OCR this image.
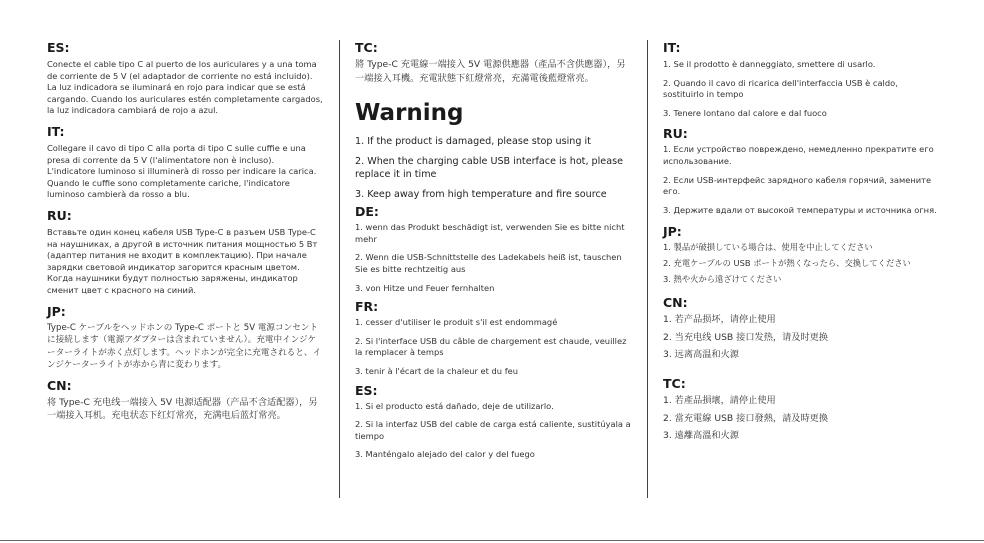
ES:

Conecte el cable tipo C al puerto de los auriculares y a una toma de corriente de 5 V (el adaptador de corriente no está incluido). La luz indicadora se iluminará en rojo para indicar que se está cargando. Cuando los auriculares estén completamente cargados, la luz indicadora cambiará de rojo a azul.

IT:

Collegare il cavo di tipo C alla porta di tipo C sulle cuffie e una presa di corrente da 5 V (l'alimentatore non è incluso). L'indicatore luminoso si illuminerà di rosso per indicare la carica. Quando le cuffie sono completamente cariche, l'indicatore luminoso cambierà da rosso a blu.

RU:

Вставьте один конец кабеля USB Type-C в разъем USB Type-C на наушниках, а другой в источник питания мощностью 5 Вт (адаптер питания не входит в комплектацию). При начале зарядки световой индикатор загорится красным цветом. Когда наушники будут полностью заряжены, индикатор сменит цвет с красного на синий.

JP:

Type-C ケーブルをヘッドホンの Type-C ポートと 5V 電源コンセントに接続します（電源アダプターは含まれていません）。充電中インジケーターライトが赤く点灯します。ヘッドホンが完全に充電されると、インジケーターライトが赤から青に変わります。

CN:

将 Type-C 充电线一端接入 5V 电源适配器（产品不含适配器），另一端接入耳机。充电状态下红灯常亮，充满电后蓝灯常亮。

TC:

將 Type-C 充電線一端接入 5V 電源供應器（產品不含供應器），另一端接入耳機。充電狀態下紅燈常亮，充滿電後藍燈常亮。

Warning

1. If the product is damaged, please stop using it

2. When the charging cable USB interface is hot, please replace it in time

3. Keep away from high temperature and fire source

DE:

1. wenn das Produkt beschädigt ist, verwenden Sie es bitte nicht mehr

2. Wenn die USB-Schnittstelle des Ladekabels heiß ist, tauschen Sie es bitte rechtzeitig aus

3. von Hitze und Feuer fernhalten

FR:

1. cesser d'utiliser le produit s'il est endommagé

2. Si l'interface USB du câble de chargement est chaude, veuillez la remplacer à temps

3. tenir à l'écart de la chaleur et du feu

ES:

1. Si el producto está dañado, deje de utilizarlo.

2. Si la interfaz USB del cable de carga está caliente, sustitúyala a tiempo

3. Manténgalo alejado del calor y del fuego

IT:

1. Se il prodotto è danneggiato, smettere di usarlo.

2. Quando il cavo di ricarica dell'interfaccia USB è caldo, sostituirlo in tempo

3. Tenere lontano dal calore e dal fuoco

RU:

1. Если устройство повреждено, немедленно прекратите его использование.

2. Если USB-интерфейс зарядного кабеля горячий, замените его.

3. Держите вдали от высокой температуры и источника огня.

JP:

1. 製品が破損している場合は、使用を中止してください

2. 充電ケーブルの USB ポートが熱くなったら、交換してください

3. 熱や火から遠ざけてください

CN:

1. 若产品损坏，请停止使用

2. 当充电线 USB 接口发热，请及时更换

3. 远离高温和火源

TC:

1. 若產品損壞，請停止使用

2. 當充電線 USB 接口發熱，請及時更換

3. 遠離高溫和火源
